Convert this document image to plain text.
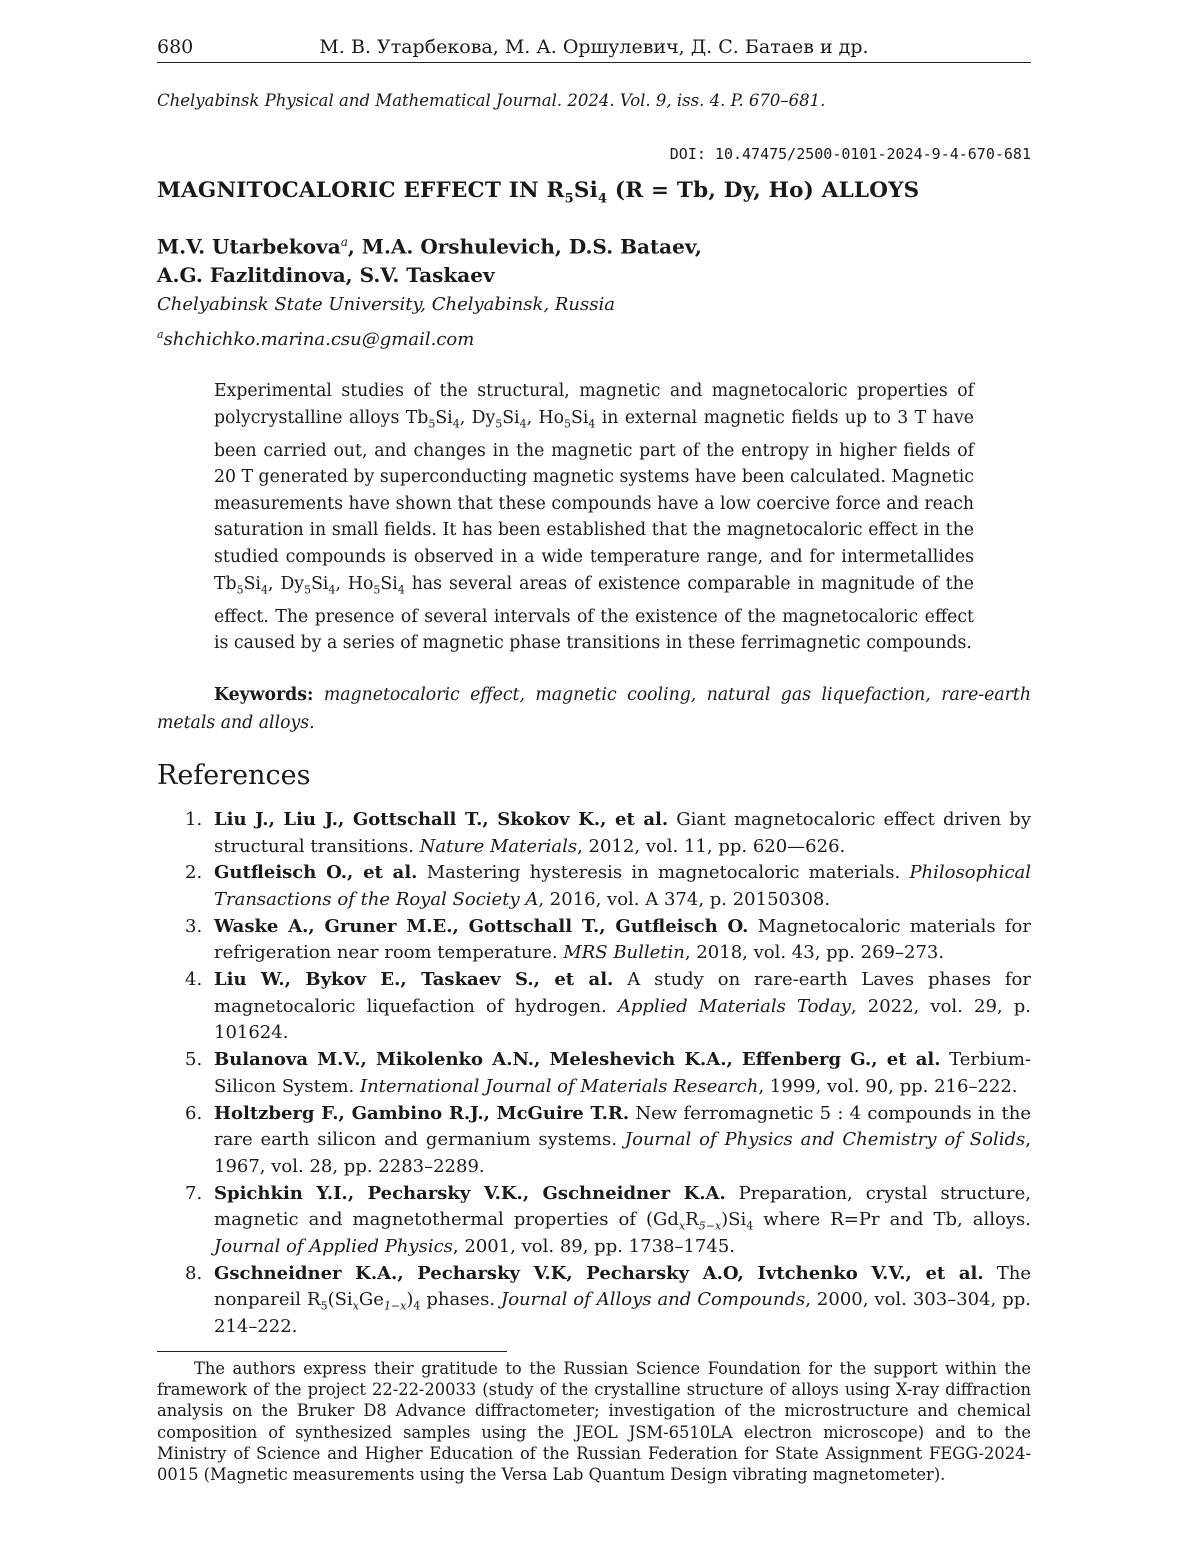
680	М. В. Утарбекова, М. А. Оршулевич, Д. С. Батаев и др.
Chelyabinsk Physical and Mathematical Journal. 2024. Vol. 9, iss. 4. P. 670–681.
DOI: 10.47475/2500-0101-2024-9-4-670-681
MAGNITOCALORIC EFFECT IN $R_5Si_4$ (R = Tb, Dy, Ho) ALLOYS
M.V. Utarbekova$^a$, M.A. Orshulevich, D.S. Bataev,
A.G. Fazlitdinova, S.V. Taskaev
Chelyabinsk State University, Chelyabinsk, Russia
$^a$shchichko.marina.csu@gmail.com
Experimental studies of the structural, magnetic and magnetocaloric properties of polycrystalline alloys $Tb_5Si_4$, $Dy_5Si_4$, $Ho_5Si_4$ in external magnetic fields up to 3 T have been carried out, and changes in the magnetic part of the entropy in higher fields of 20 T generated by superconducting magnetic systems have been calculated. Magnetic measurements have shown that these compounds have a low coercive force and reach saturation in small fields. It has been established that the magnetocaloric effect in the studied compounds is observed in a wide temperature range, and for intermetallides $Tb_5Si_4$, $Dy_5Si_4$, $Ho_5Si_4$ has several areas of existence comparable in magnitude of the effect. The presence of several intervals of the existence of the magnetocaloric effect is caused by a series of magnetic phase transitions in these ferrimagnetic compounds.
Keywords: magnetocaloric effect, magnetic cooling, natural gas liquefaction, rare-earth metals and alloys.
References
1. Liu J., Liu J., Gottschall T., Skokov K., et al. Giant magnetocaloric effect driven by structural transitions. Nature Materials, 2012, vol. 11, pp. 620—626.
2. Gutfleisch O., et al. Mastering hysteresis in magnetocaloric materials. Philosophical Transactions of the Royal Society A, 2016, vol. A 374, p. 20150308.
3. Waske A., Gruner M.E., Gottschall T., Gutfleisch O. Magnetocaloric materials for refrigeration near room temperature. MRS Bulletin, 2018, vol. 43, pp. 269–273.
4. Liu W., Bykov E., Taskaev S., et al. A study on rare-earth Laves phases for magnetocaloric liquefaction of hydrogen. Applied Materials Today, 2022, vol. 29, p. 101624.
5. Bulanova M.V., Mikolenko A.N., Meleshevich K.A., Effenberg G., et al. Terbium-Silicon System. International Journal of Materials Research, 1999, vol. 90, pp. 216–222.
6. Holtzberg F., Gambino R.J., McGuire T.R. New ferromagnetic 5 : 4 compounds in the rare earth silicon and germanium systems. Journal of Physics and Chemistry of Solids, 1967, vol. 28, pp. 2283–2289.
7. Spichkin Y.I., Pecharsky V.K., Gschneidner K.A. Preparation, crystal structure, magnetic and magnetothermal properties of $(Gd_xR_{5-x})Si_4$ where R=Pr and Tb, alloys. Journal of Applied Physics, 2001, vol. 89, pp. 1738–1745.
8. Gschneidner K.A., Pecharsky V.K, Pecharsky A.O, Ivtchenko V.V., et al. The nonpareil $R_5(Si_xGe_{1-x})_4$ phases. Journal of Alloys and Compounds, 2000, vol. 303–304, pp. 214–222.
The authors express their gratitude to the Russian Science Foundation for the support within the framework of the project 22-22-20033 (study of the crystalline structure of alloys using X-ray diffraction analysis on the Bruker D8 Advance diffractometer; investigation of the microstructure and chemical composition of synthesized samples using the JEOL JSM-6510LA electron microscope) and to the Ministry of Science and Higher Education of the Russian Federation for State Assignment FEGG-2024-0015 (Magnetic measurements using the Versa Lab Quantum Design vibrating magnetometer).
